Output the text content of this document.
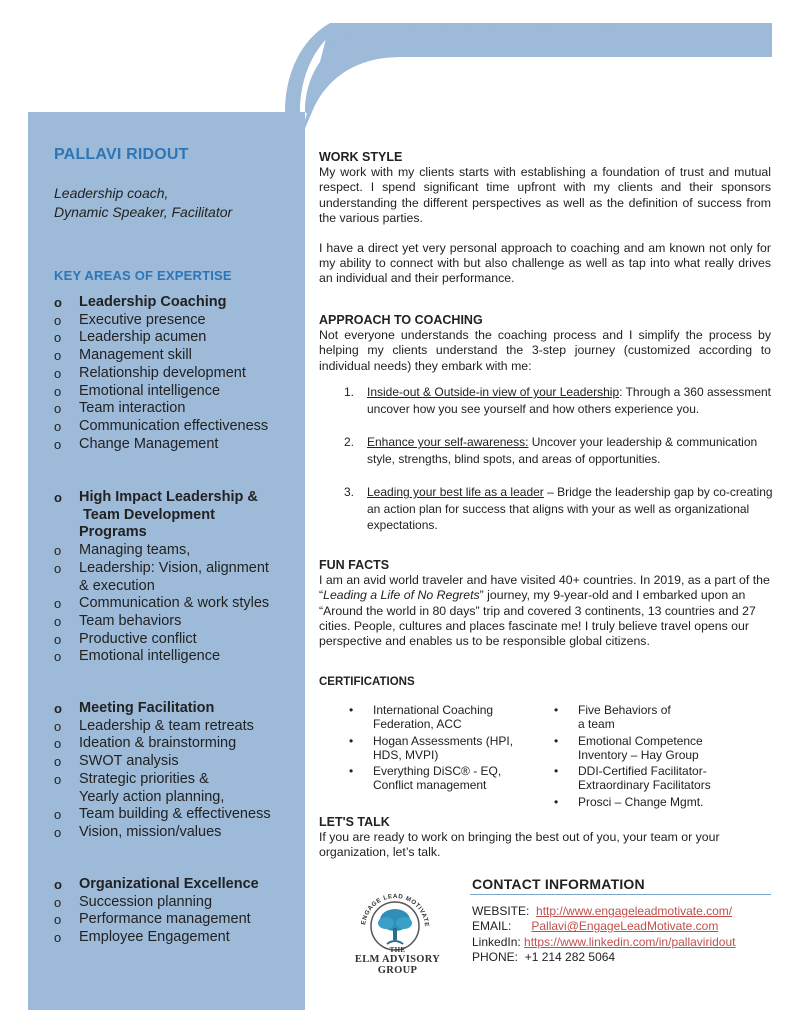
PALLAVI RIDOUT
Leadership coach,
Dynamic Speaker, Facilitator
KEY AREAS OF EXPERTISE
o Leadership Coaching
o Executive presence
o Leadership acumen
o Management skill
o Relationship development
o Emotional intelligence
o Team interaction
o Communication effectiveness
o Change Management
o High Impact Leadership &
Team Development
Programs
o Managing teams,
o Leadership: Vision, alignment
& execution
o Communication & work styles
o Team behaviors
o Productive conflict
o Emotional intelligence
o Meeting Facilitation
o Leadership & team retreats
o Ideation & brainstorming
o SWOT analysis
o Strategic priorities &
Yearly action planning,
o Team building & effectiveness
o Vision, mission/values
o Organizational Excellence
o Succession planning
o Performance management
o Employee Engagement
WORK STYLE
My work with my clients starts with establishing a foundation of trust and mutual respect. I spend significant time upfront with my clients and their sponsors understanding the different perspectives as well as the definition of success from the various parties.
I have a direct yet very personal approach to coaching and am known not only for my ability to connect with but also challenge as well as tap into what really drives an individual and their performance.
APPROACH TO COACHING
Not everyone understands the coaching process and I simplify the process by helping my clients understand the 3-step journey (customized according to individual needs) they embark with me:
1. Inside-out & Outside-in view of your Leadership: Through a 360 assessment uncover how you see yourself and how others experience you.
2. Enhance your self-awareness: Uncover your leadership & communication style, strengths, blind spots, and areas of opportunities.
3. Leading your best life as a leader – Bridge the leadership gap by co-creating an action plan for success that aligns with your as well as organizational expectations.
FUN FACTS
I am an avid world traveler and have visited 40+ countries. In 2019, as a part of the “Leading a Life of No Regrets” journey, my 9-year-old and I embarked upon an “Around the world in 80 days” trip and covered 3 continents, 13 countries and 27 cities. People, cultures and places fascinate me! I truly believe travel opens our perspective and enables us to be responsible global citizens.
CERTIFICATIONS
• International Coaching
Federation, ACC
• Hogan Assessments (HPI,
HDS, MVPI)
• Everything DiSC® - EQ,
Conflict management
• Five Behaviors of
a team
• Emotional Competence
Inventory – Hay Group
• DDI-Certified Facilitator-
Extraordinary Facilitators
• Prosci – Change Mgmt.
LET'S TALK
If you are ready to work on bringing the best out of you, your team or your organization, let’s talk.
ENGAGE LEAD MOTIVATE
THE
ELM ADVISORY GROUP
CONTACT INFORMATION
WEBSITE: http://www.engageleadmotivate.com/
EMAIL: Pallavi@EngageLeadMotivate.com
LinkedIn: https://www.linkedin.com/in/pallaviridout
PHONE: +1 214 282 5064
